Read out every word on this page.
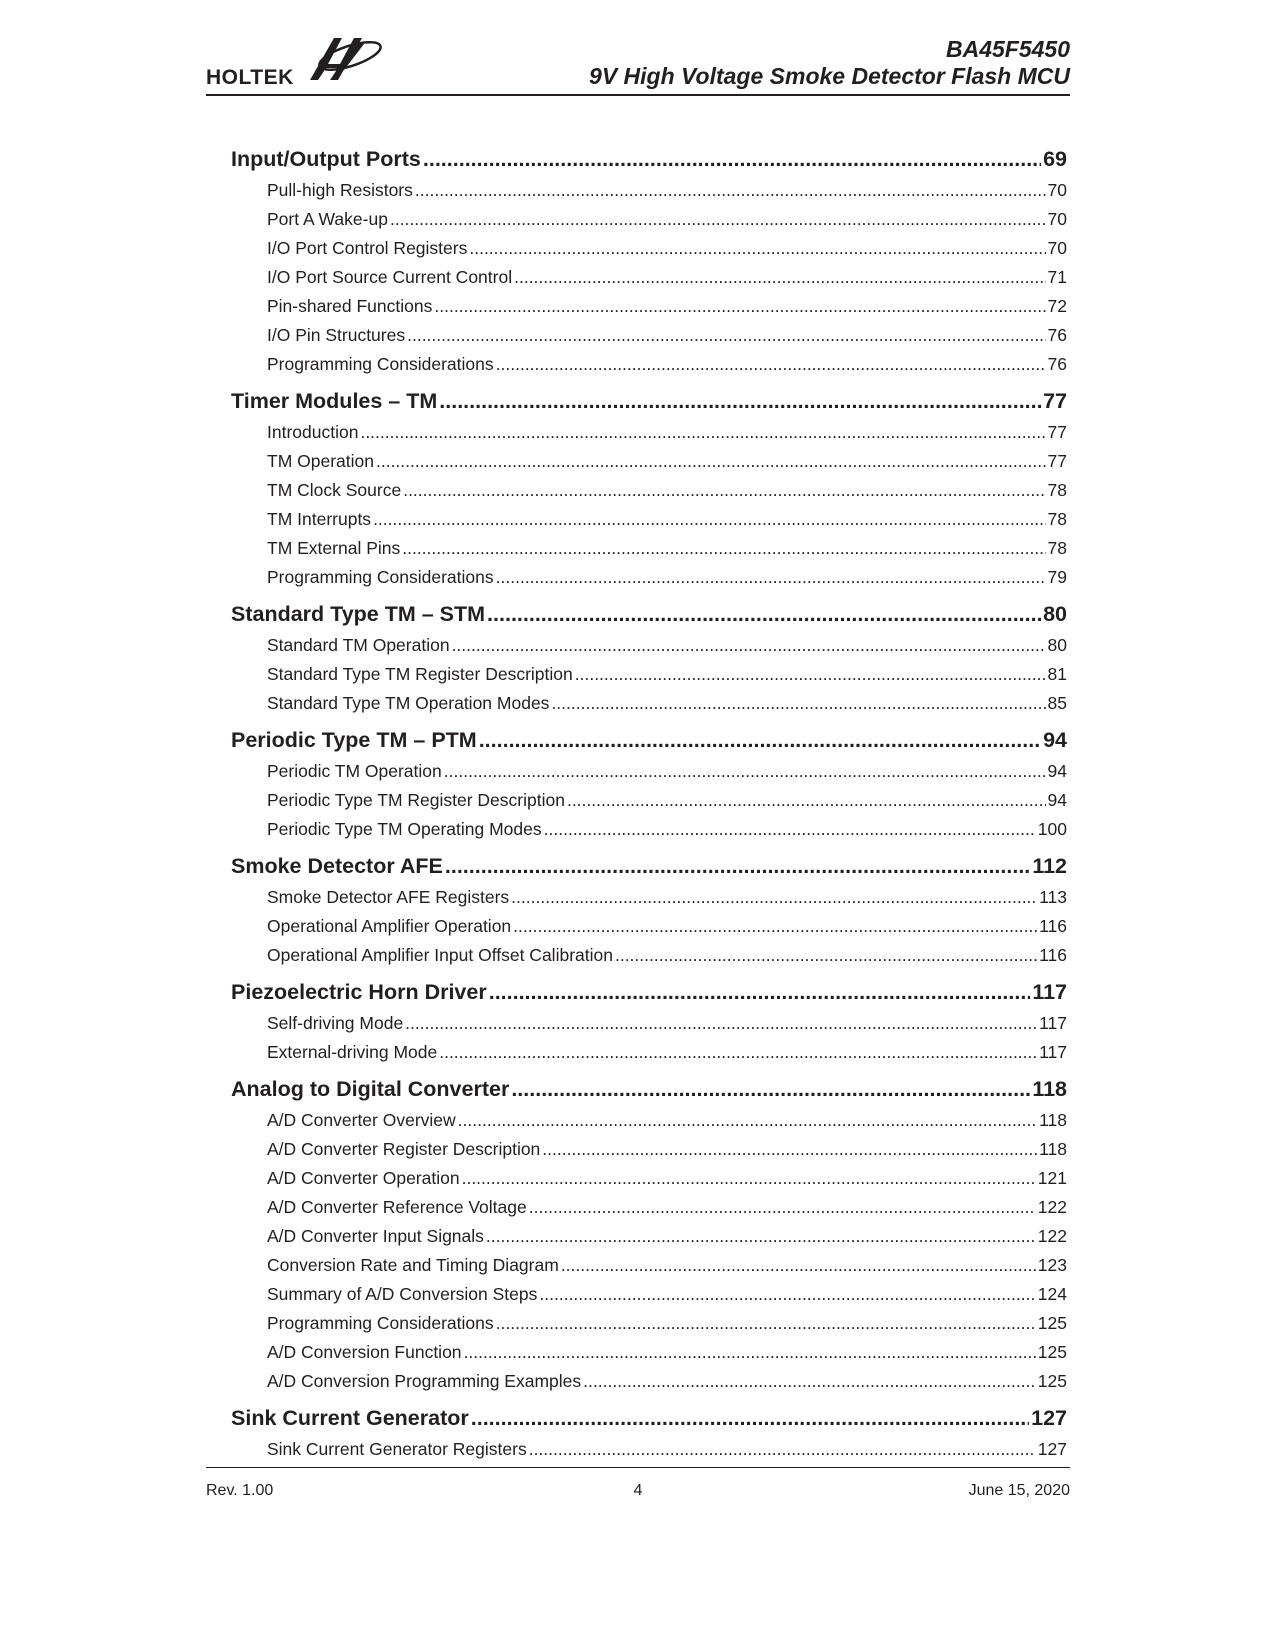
HOLTEK
BA45F5450
9V High Voltage Smoke Detector Flash MCU
Input/Output Ports .....	69
Pull-high Resistors .....	70
Port A Wake-up .....	70
I/O Port Control Registers .....	70
I/O Port Source Current Control .....	71
Pin-shared Functions .....	72
I/O Pin Structures .....	76
Programming Considerations .....	76
Timer Modules – TM .....	77
Introduction .....	77
TM Operation .....	77
TM Clock Source .....	78
TM Interrupts .....	78
TM External Pins .....	78
Programming Considerations .....	79
Standard Type TM – STM .....	80
Standard TM Operation .....	80
Standard Type TM Register Description .....	81
Standard Type TM Operation Modes .....	85
Periodic Type TM – PTM .....	94
Periodic TM Operation .....	94
Periodic Type TM Register Description .....	94
Periodic Type TM Operating Modes .....	100
Smoke Detector AFE .....	112
Smoke Detector AFE Registers .....	113
Operational Amplifier Operation .....	116
Operational Amplifier Input Offset Calibration .....	116
Piezoelectric Horn Driver .....	117
Self-driving Mode .....	117
External-driving Mode .....	117
Analog to Digital Converter .....	118
A/D Converter Overview .....	118
A/D Converter Register Description .....	118
A/D Converter Operation .....	121
A/D Converter Reference Voltage .....	122
A/D Converter Input Signals .....	122
Conversion Rate and Timing Diagram .....	123
Summary of A/D Conversion Steps .....	124
Programming Considerations .....	125
A/D Conversion Function .....	125
A/D Conversion Programming Examples .....	125
Sink Current Generator .....	127
Sink Current Generator Registers .....	127
Rev. 1.00	4	June 15, 2020
